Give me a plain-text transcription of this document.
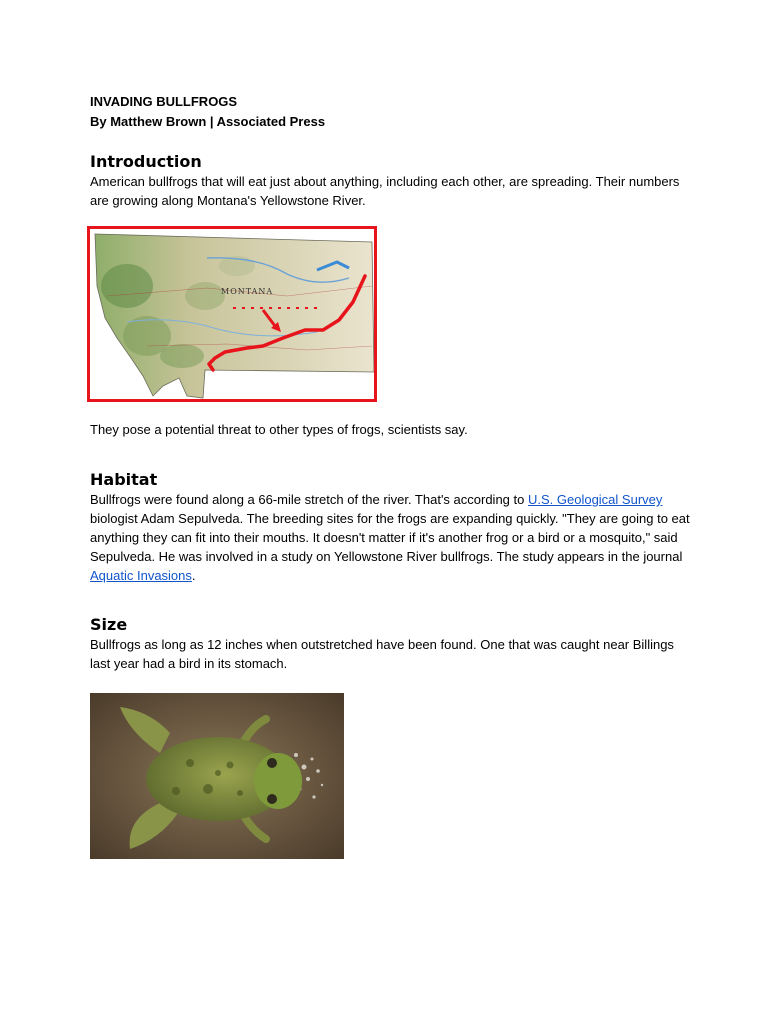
INVADING BULLFROGS

By Matthew Brown | Associated Press

Introduction

American bullfrogs that will eat just about anything, including each other, are spreading. Their numbers are growing along Montana's Yellowstone River.

MONTANA

They pose a potential threat to other types of frogs, scientists say.

Habitat

Bullfrogs were found along a 66-mile stretch of the river. That's according to U.S. Geological Survey biologist Adam Sepulveda. The breeding sites for the frogs are expanding quickly. "They are going to eat anything they can fit into their mouths. It doesn't matter if it's another frog or a bird or a mosquito," said Sepulveda. He was involved in a study on Yellowstone River bullfrogs. The study appears in the journal Aquatic Invasions.

Size

Bullfrogs as long as 12 inches when outstretched have been found. One that was caught near Billings last year had a bird in its stomach.
